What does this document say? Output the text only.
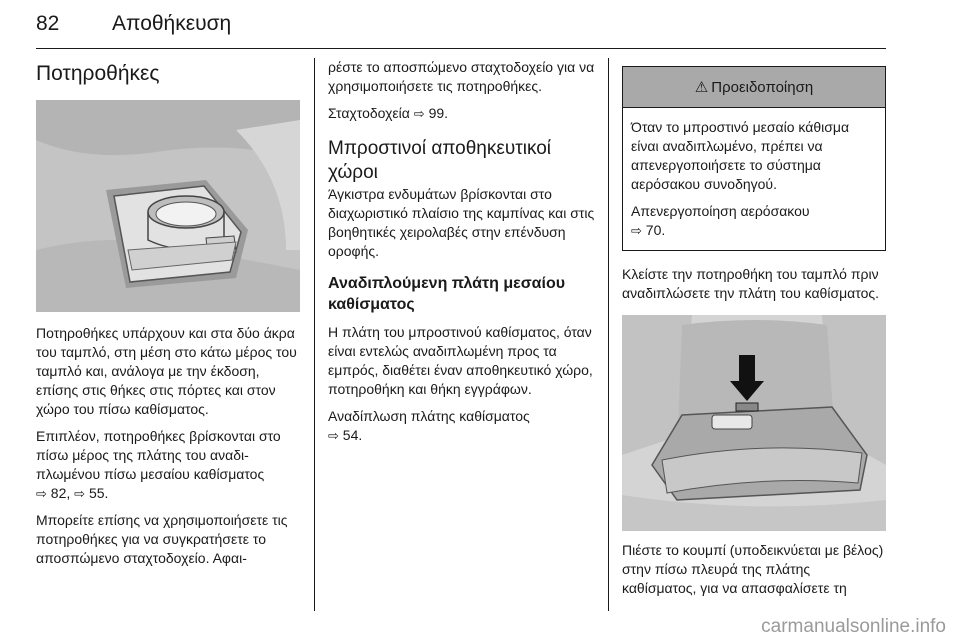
82	Αποθήκευση
Ποτηροθήκες

Ποτηροθήκες υπάρχουν και στα δύο άκρα του ταμπλό, στη μέση στο κάτω μέρος του ταμπλό και, ανάλογα με την έκδοση, επίσης στις θήκες στις πόρτες και στον χώρο του πίσω καθίσματος.

Επιπλέον, ποτηροθήκες βρίσκονται στο πίσω μέρος της πλάτης του αναδιπλωμένου πίσω μεσαίου καθίσματος
⇨ 82, ⇨ 55.

Μπορείτε επίσης να χρησιμοποιήσετε τις ποτηροθήκες για να συγκρατήσετε το αποσπώμενο σταχτοδοχείο. Αφαι-

ρέστε το αποσπώμενο σταχτοδοχείο για να χρησιμοποιήσετε τις ποτηροθήκες.

Σταχτοδοχεία ⇨ 99.

Μπροστινοί αποθηκευτικοί χώροι

Άγκιστρα ενδυμάτων βρίσκονται στο διαχωριστικό πλαίσιο της καμπίνας και στις βοηθητικές χειρολαβές στην επένδυση οροφής.

Αναδιπλούμενη πλάτη μεσαίου καθίσματος

Η πλάτη του μπροστινού καθίσματος, όταν είναι εντελώς αναδιπλωμένη προς τα εμπρός, διαθέτει έναν αποθηκευτικό χώρο, ποτηροθήκη και θήκη εγγράφων.

Αναδίπλωση πλάτης καθίσματος
⇨ 54.

⚠ Προειδοποίηση

Όταν το μπροστινό μεσαίο κάθισμα είναι αναδιπλωμένο, πρέπει να απενεργοποιήσετε το σύστημα αερόσακου συνοδηγού.

Απενεργοποίηση αερόσακου
⇨ 70.

Κλείστε την ποτηροθήκη του ταμπλό πριν αναδιπλώσετε την πλάτη του καθίσματος.

Πιέστε το κουμπί (υποδεικνύεται με βέλος) στην πίσω πλευρά της πλάτης καθίσματος, για να απασφαλίσετε τη

carmanualsonline.info
